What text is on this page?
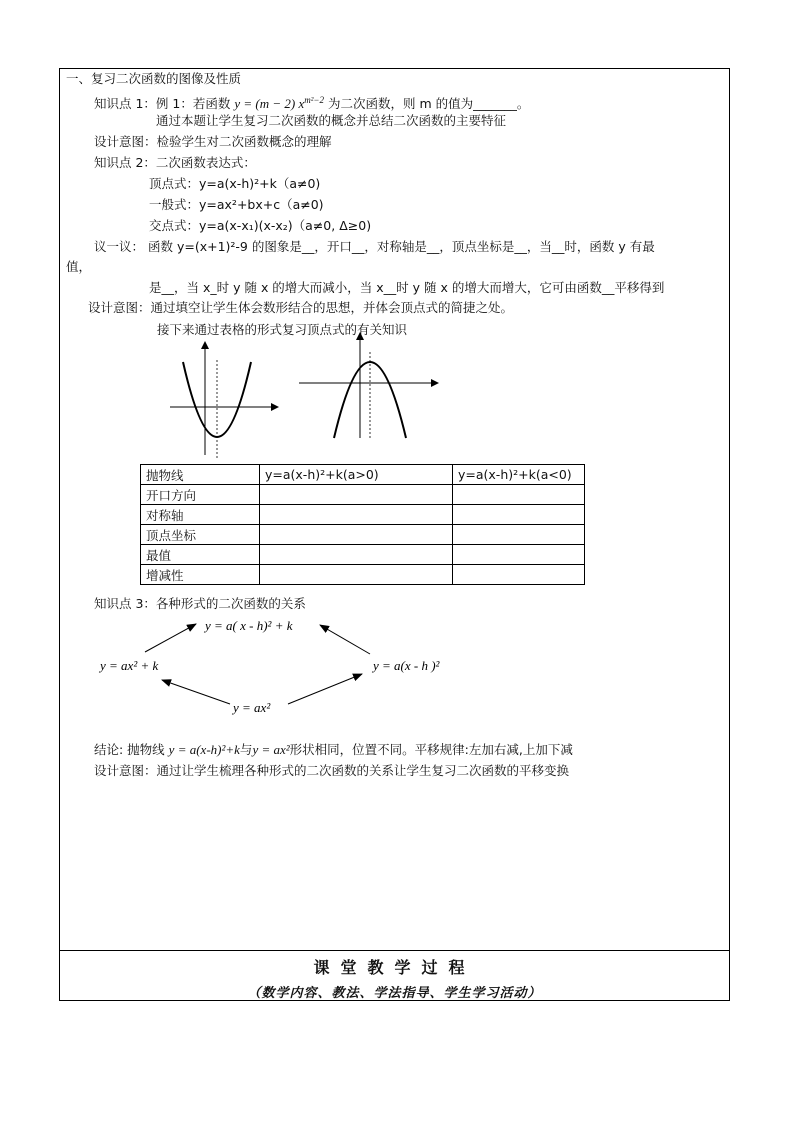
一、复习二次函数的图像及性质
知识点 1：例 1：若函数 y = (m − 2) $x^{m^2-2}$ 为二次函数，则 m 的值为_______。
通过本题让学生复习二次函数的概念并总结二次函数的主要特征
设计意图：检验学生对二次函数概念的理解
知识点 2：二次函数表达式：
顶点式：y=a(x-h)²+k（a≠0)
一般式：y=ax²+bx+c（a≠0)
交点式：y=a(x-x₁)(x-x₂)（a≠0, Δ≥0)
议一议： 函数 y=(x+1)²-9 的图象是__，开口__，对称轴是__，顶点坐标是__，当__时，函数 y 有最
值，
是__，当 x_时 y 随 x 的增大而减小，当 x__时 y 随 x 的增大而增大，它可由函数__平移得到
设计意图：通过填空让学生体会数形结合的思想，并体会顶点式的简捷之处。
接下来通过表格的形式复习顶点式的有关知识
抛物线	y=a(x-h)²+k(a>0)	y=a(x-h)²+k(a<0)
开口方向		
对称轴		
顶点坐标		
最值		
增减性		
知识点 3：各种形式的二次函数的关系
y = a( x - h)² + k
y = ax² + k	y = a(x - h )²
y = ax²
结论: 抛物线 y = a(x-h)²+k与y = ax²形状相同，位置不同。平移规律:左加右减,上加下减
设计意图：通过让学生梳理各种形式的二次函数的关系让学生复习二次函数的平移变换
课堂教学过程
（数学内容、教法、学法指导、学生学习活动）
